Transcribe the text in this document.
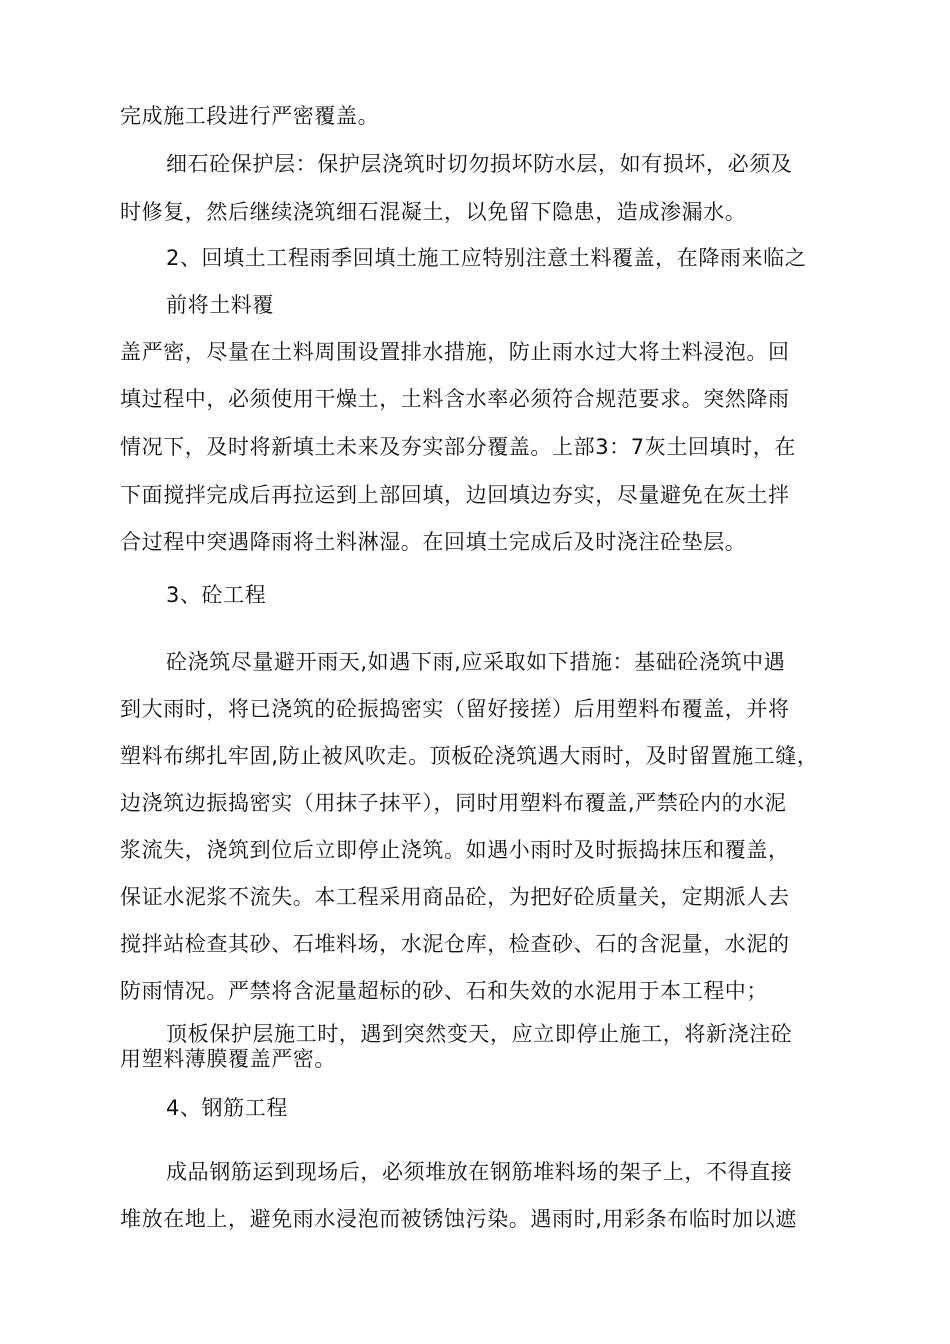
完成施工段进行严密覆盖。

细石砼保护层：保护层浇筑时切勿损坏防水层，如有损坏，必须及

时修复，然后继续浇筑细石混凝土，以免留下隐患，造成渗漏水。

2、回填土工程雨季回填土施工应特别注意土料覆盖，在降雨来临之

前将土料覆

盖严密，尽量在土料周围设置排水措施，防止雨水过大将土料浸泡。回

填过程中，必须使用干燥土，土料含水率必须符合规范要求。突然降雨

情况下，及时将新填土未来及夯实部分覆盖。上部3：7灰土回填时，在

下面搅拌完成后再拉运到上部回填，边回填边夯实，尽量避免在灰土拌

合过程中突遇降雨将土料淋湿。在回填土完成后及时浇注砼垫层。

3、砼工程

砼浇筑尽量避开雨天,如遇下雨,应采取如下措施：基础砼浇筑中遇

到大雨时，将已浇筑的砼振捣密实（留好接搓）后用塑料布覆盖，并将

塑料布绑扎牢固,防止被风吹走。顶板砼浇筑遇大雨时，及时留置施工缝，

边浇筑边振捣密实（用抹子抹平），同时用塑料布覆盖,严禁砼内的水泥

浆流失，浇筑到位后立即停止浇筑。如遇小雨时及时振捣抹压和覆盖，

保证水泥浆不流失。本工程采用商品砼，为把好砼质量关，定期派人去

搅拌站检查其砂、石堆料场，水泥仓库，检查砂、石的含泥量，水泥的

防雨情况。严禁将含泥量超标的砂、石和失效的水泥用于本工程中；

顶板保护层施工时，遇到突然变天，应立即停止施工，将新浇注砼

用塑料薄膜覆盖严密。

4、钢筋工程

成品钢筋运到现场后，必须堆放在钢筋堆料场的架子上，不得直接

堆放在地上，避免雨水浸泡而被锈蚀污染。遇雨时,用彩条布临时加以遮
